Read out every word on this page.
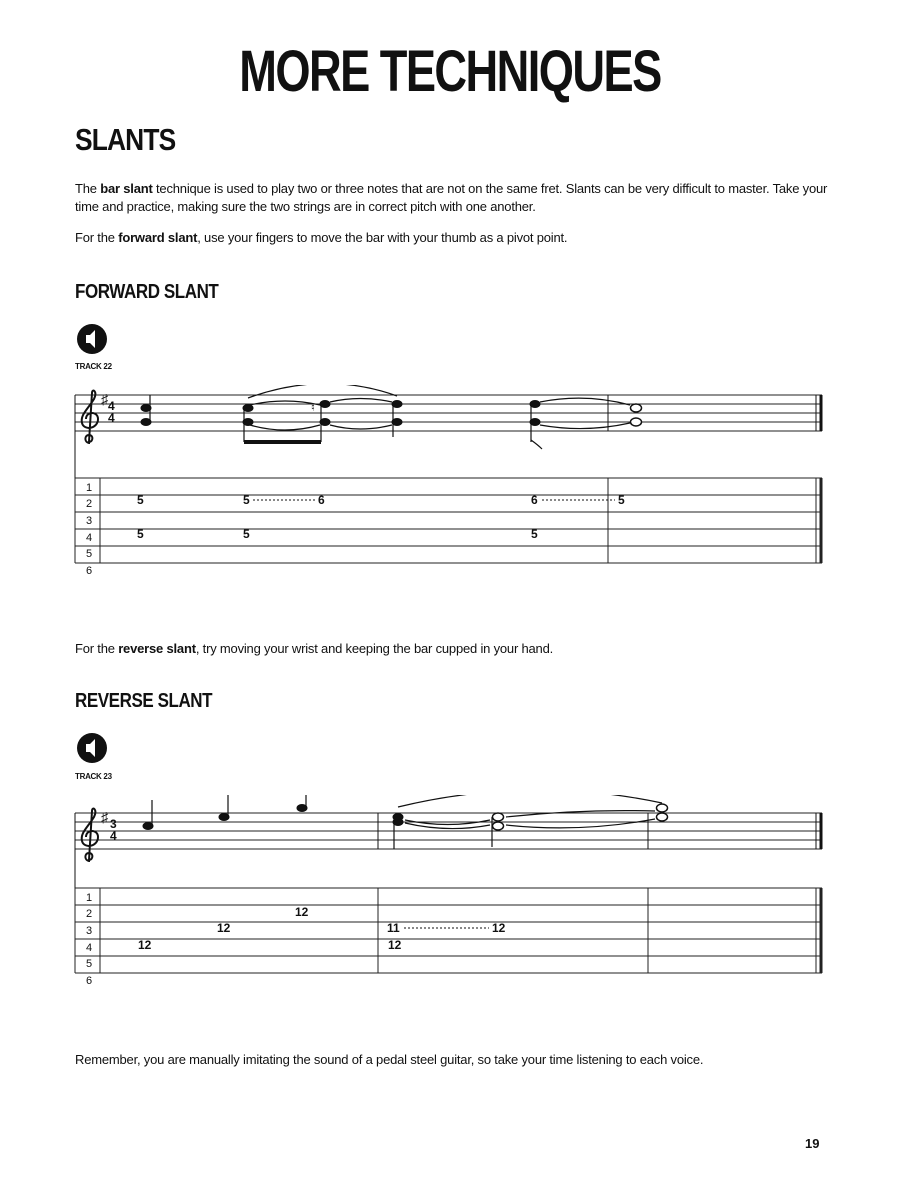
MORE TECHNIQUES
SLANTS
The bar slant technique is used to play two or three notes that are not on the same fret. Slants can be very difficult to master. Take your time and practice, making sure the two strings are in correct pitch with one another.
For the forward slant, use your fingers to move the bar with your thumb as a pivot point.
FORWARD SLANT
TRACK 22
♯ 4
4
♮
1
2
3
4
5
6
5
5
5
5
6	6
5
5
For the reverse slant, try moving your wrist and keeping the bar cupped in your hand.
REVERSE SLANT
TRACK 23
♯ 3
4
1
2
3
4
5
6
12
12
12
11	12
12
Remember, you are manually imitating the sound of a pedal steel guitar, so take your time listening to each voice.
19
